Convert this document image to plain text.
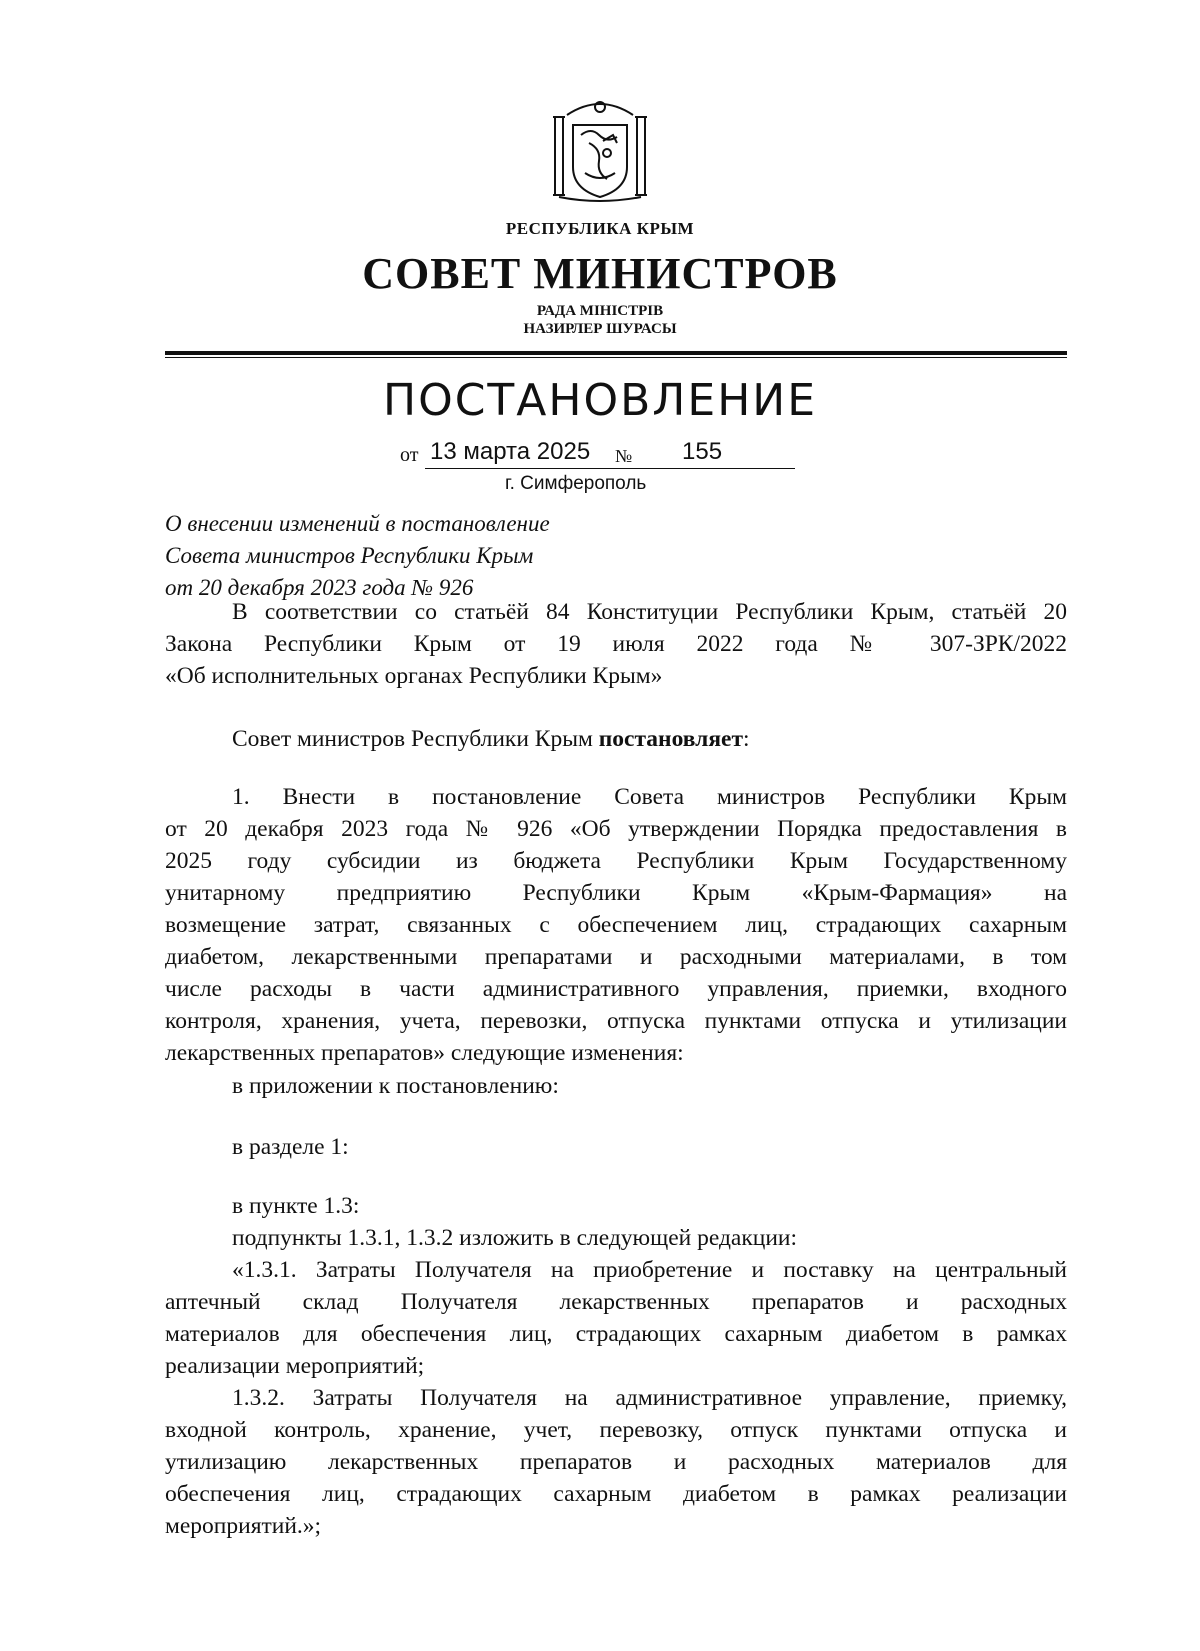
РЕСПУБЛИКА КРЫМ
СОВЕТ МИНИСТРОВ
РАДА МІНІСТРІВ
НАЗИРЛЕР ШУРАСЫ
ПОСТАНОВЛЕНИЕ
от 13 марта 2025 № 155
г. Симферополь
О внесении изменений в постановление
Совета министров Республики Крым
от 20 декабря 2023 года № 926
В соответствии со статьёй 84 Конституции Республики Крым, статьёй 20
Закона Республики Крым от 19 июля 2022 года № 307-ЗРК/2022
«Об исполнительных органах Республики Крым»
Совет министров Республики Крым постановляет:
1. Внести в постановление Совета министров Республики Крым
от 20 декабря 2023 года № 926 «Об утверждении Порядка предоставления в
2025 году субсидии из бюджета Республики Крым Государственному
унитарному предприятию Республики Крым «Крым-Фармация» на
возмещение затрат, связанных с обеспечением лиц, страдающих сахарным
диабетом, лекарственными препаратами и расходными материалами, в том
числе расходы в части административного управления, приемки, входного
контроля, хранения, учета, перевозки, отпуска пунктами отпуска и утилизации
лекарственных препаратов» следующие изменения:
в приложении к постановлению:
в разделе 1:
в пункте 1.3:
подпункты 1.3.1, 1.3.2 изложить в следующей редакции:
«1.3.1. Затраты Получателя на приобретение и поставку на центральный
аптечный склад Получателя лекарственных препаратов и расходных
материалов для обеспечения лиц, страдающих сахарным диабетом в рамках
реализации мероприятий;
1.3.2. Затраты Получателя на административное управление, приемку,
входной контроль, хранение, учет, перевозку, отпуск пунктами отпуска и
утилизацию лекарственных препаратов и расходных материалов для
обеспечения лиц, страдающих сахарным диабетом в рамках реализации
мероприятий.»;
